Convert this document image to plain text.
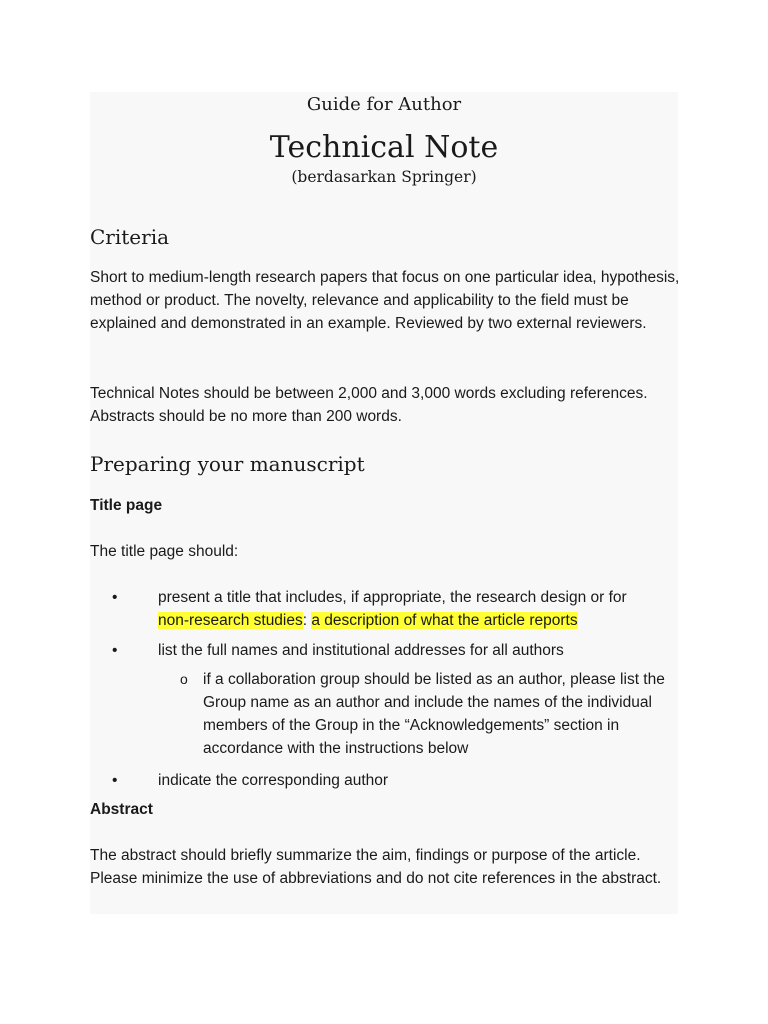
Guide for Author
Technical Note
(berdasarkan Springer)
Criteria

Short to medium-length research papers that focus on one particular idea, hypothesis, method or product. The novelty, relevance and applicability to the field must be explained and demonstrated in an example. Reviewed by two external reviewers.

Technical Notes should be between 2,000 and 3,000 words excluding references. Abstracts should be no more than 200 words.

Preparing your manuscript
Title page

The title page should:

•	present a title that includes, if appropriate, the research design or for non-research studies: a description of what the article reports
•	list the full names and institutional addresses for all authors
o if a collaboration group should be listed as an author, please list the Group name as an author and include the names of the individual members of the Group in the “Acknowledgements” section in accordance with the instructions below
•	indicate the corresponding author
Abstract

The abstract should briefly summarize the aim, findings or purpose of the article. Please minimize the use of abbreviations and do not cite references in the abstract.
